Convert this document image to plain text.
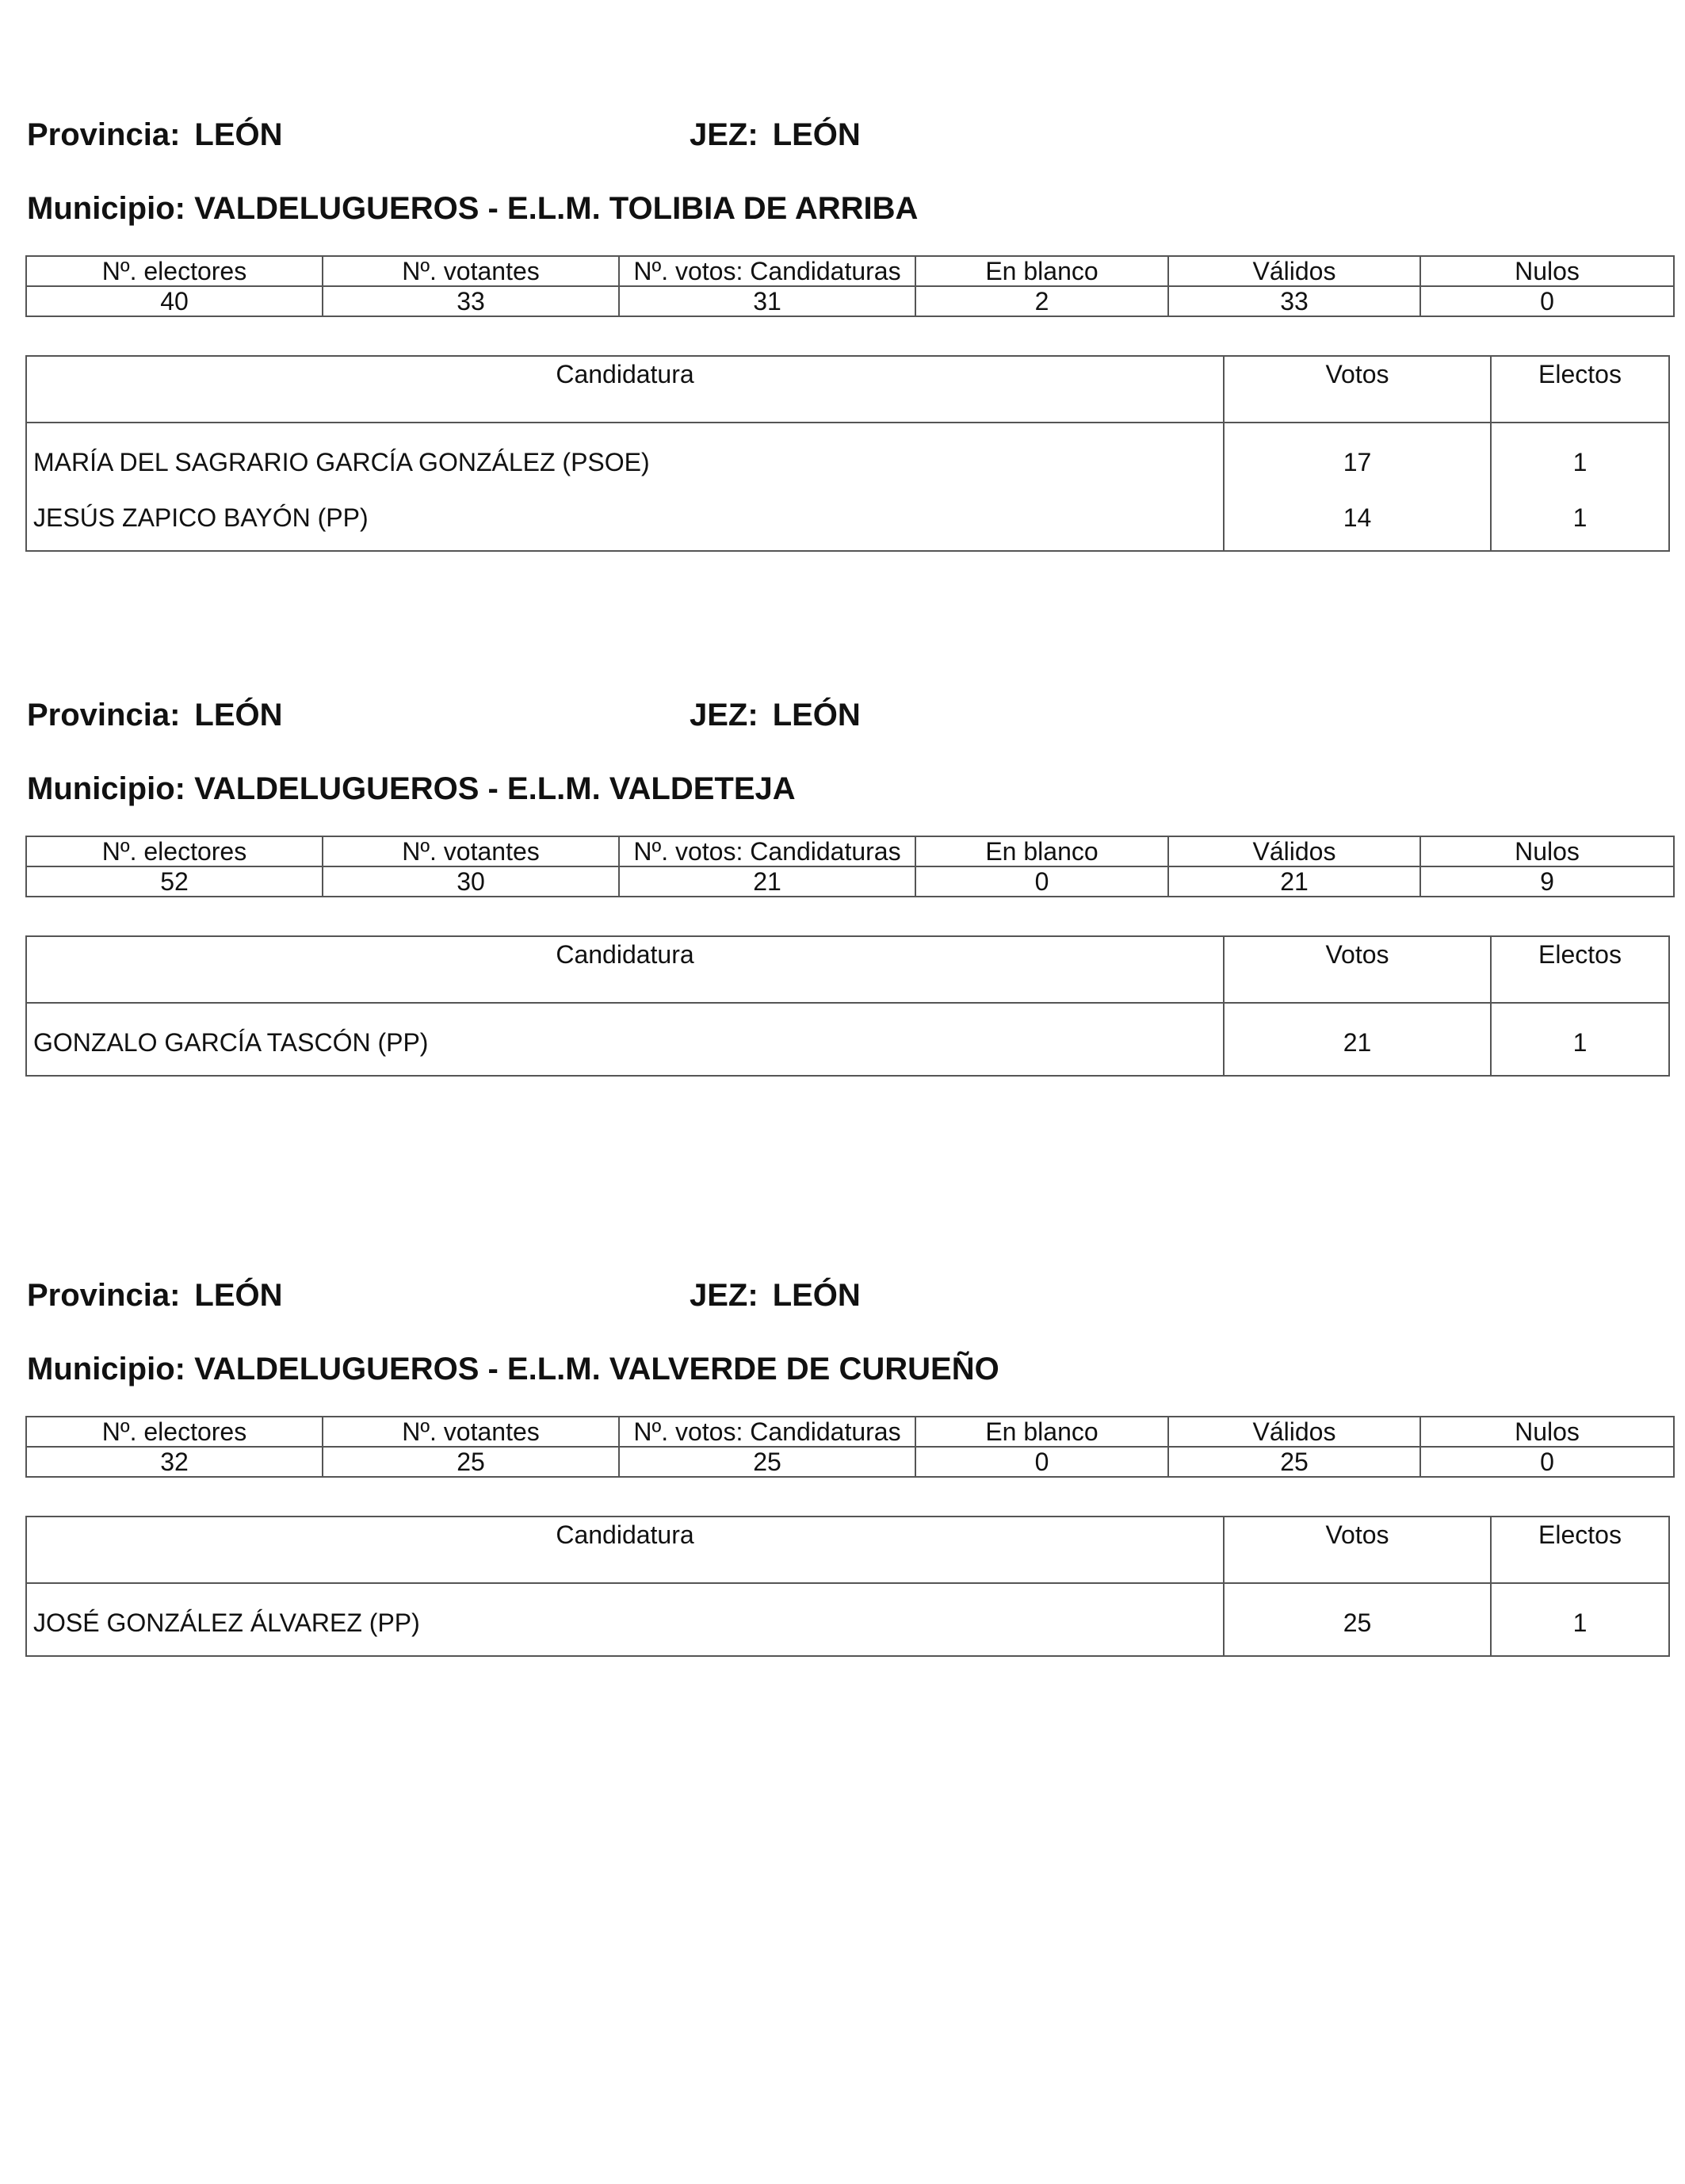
Provincia: LEÓN	JEZ: LEÓN
Municipio: VALDELUGUEROS - E.L.M. TOLIBIA DE ARRIBA
Nº. electores	Nº. votantes	Nº. votos: Candidaturas	En blanco	Válidos	Nulos
40	33	31	2	33	0
Candidatura	Votos	Electos
MARÍA DEL SAGRARIO GARCÍA GONZÁLEZ (PSOE)	17	1
JESÚS ZAPICO BAYÓN (PP)	14	1
Provincia: LEÓN	JEZ: LEÓN
Municipio: VALDELUGUEROS - E.L.M. VALDETEJA
Nº. electores	Nº. votantes	Nº. votos: Candidaturas	En blanco	Válidos	Nulos
52	30	21	0	21	9
Candidatura	Votos	Electos
GONZALO GARCÍA TASCÓN (PP)	21	1
Provincia: LEÓN	JEZ: LEÓN
Municipio: VALDELUGUEROS - E.L.M. VALVERDE DE CURUEÑO
Nº. electores	Nº. votantes	Nº. votos: Candidaturas	En blanco	Válidos	Nulos
32	25	25	0	25	0
Candidatura	Votos	Electos
JOSÉ GONZÁLEZ ÁLVAREZ (PP)	25	1
